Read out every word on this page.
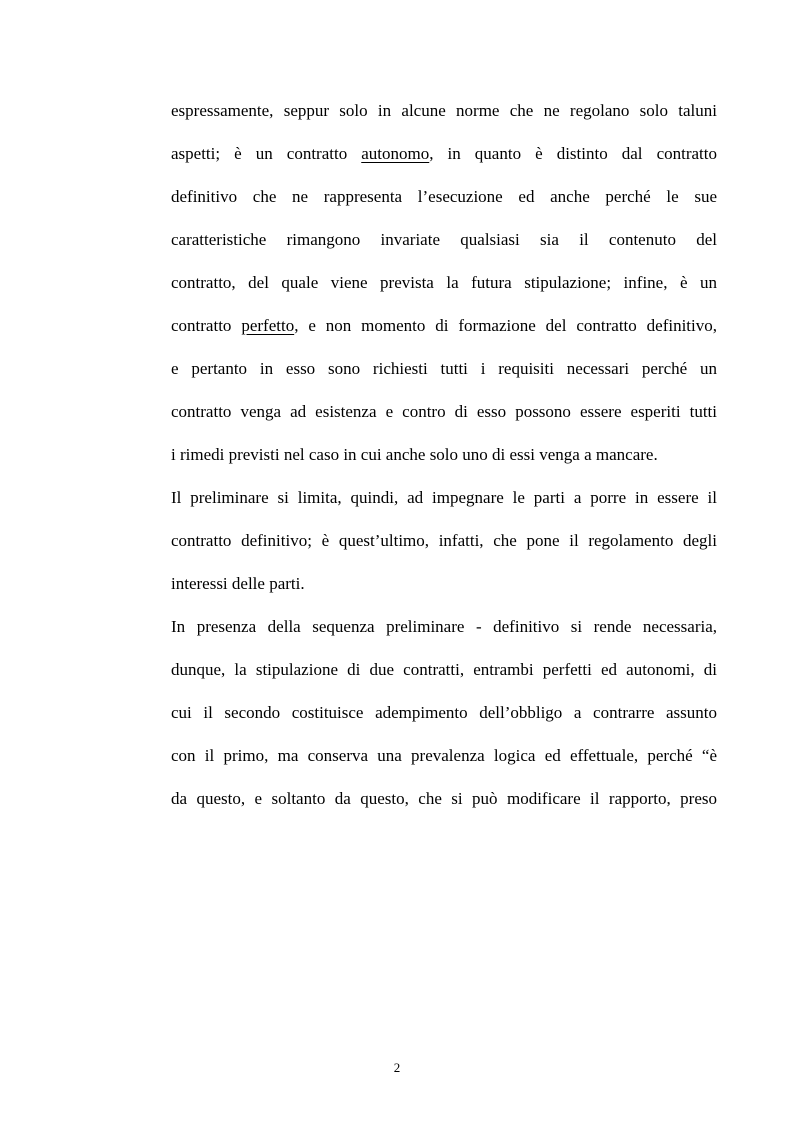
espressamente, seppur solo in alcune norme che ne regolano solo taluni
aspetti; è un contratto autonomo, in quanto è distinto dal contratto
definitivo che ne rappresenta l’esecuzione ed anche perché le sue
caratteristiche rimangono invariate qualsiasi sia il contenuto del
contratto, del quale viene prevista la futura stipulazione; infine, è un
contratto perfetto, e non momento di formazione del contratto definitivo,
e pertanto in esso sono richiesti tutti i requisiti necessari perché un
contratto venga ad esistenza e contro di esso possono essere esperiti tutti
i rimedi previsti nel caso in cui anche solo uno di essi venga a mancare.
Il preliminare si limita, quindi, ad impegnare le parti a porre in essere il
contratto definitivo; è quest’ultimo, infatti, che pone il regolamento degli
interessi delle parti.
In presenza della sequenza preliminare - definitivo si rende necessaria,
dunque, la stipulazione di due contratti, entrambi perfetti ed autonomi, di
cui il secondo costituisce adempimento dell’obbligo a contrarre assunto
con il primo, ma conserva una prevalenza logica ed effettuale, perché “è
da questo, e soltanto da questo, che si può modificare il rapporto, preso
2
